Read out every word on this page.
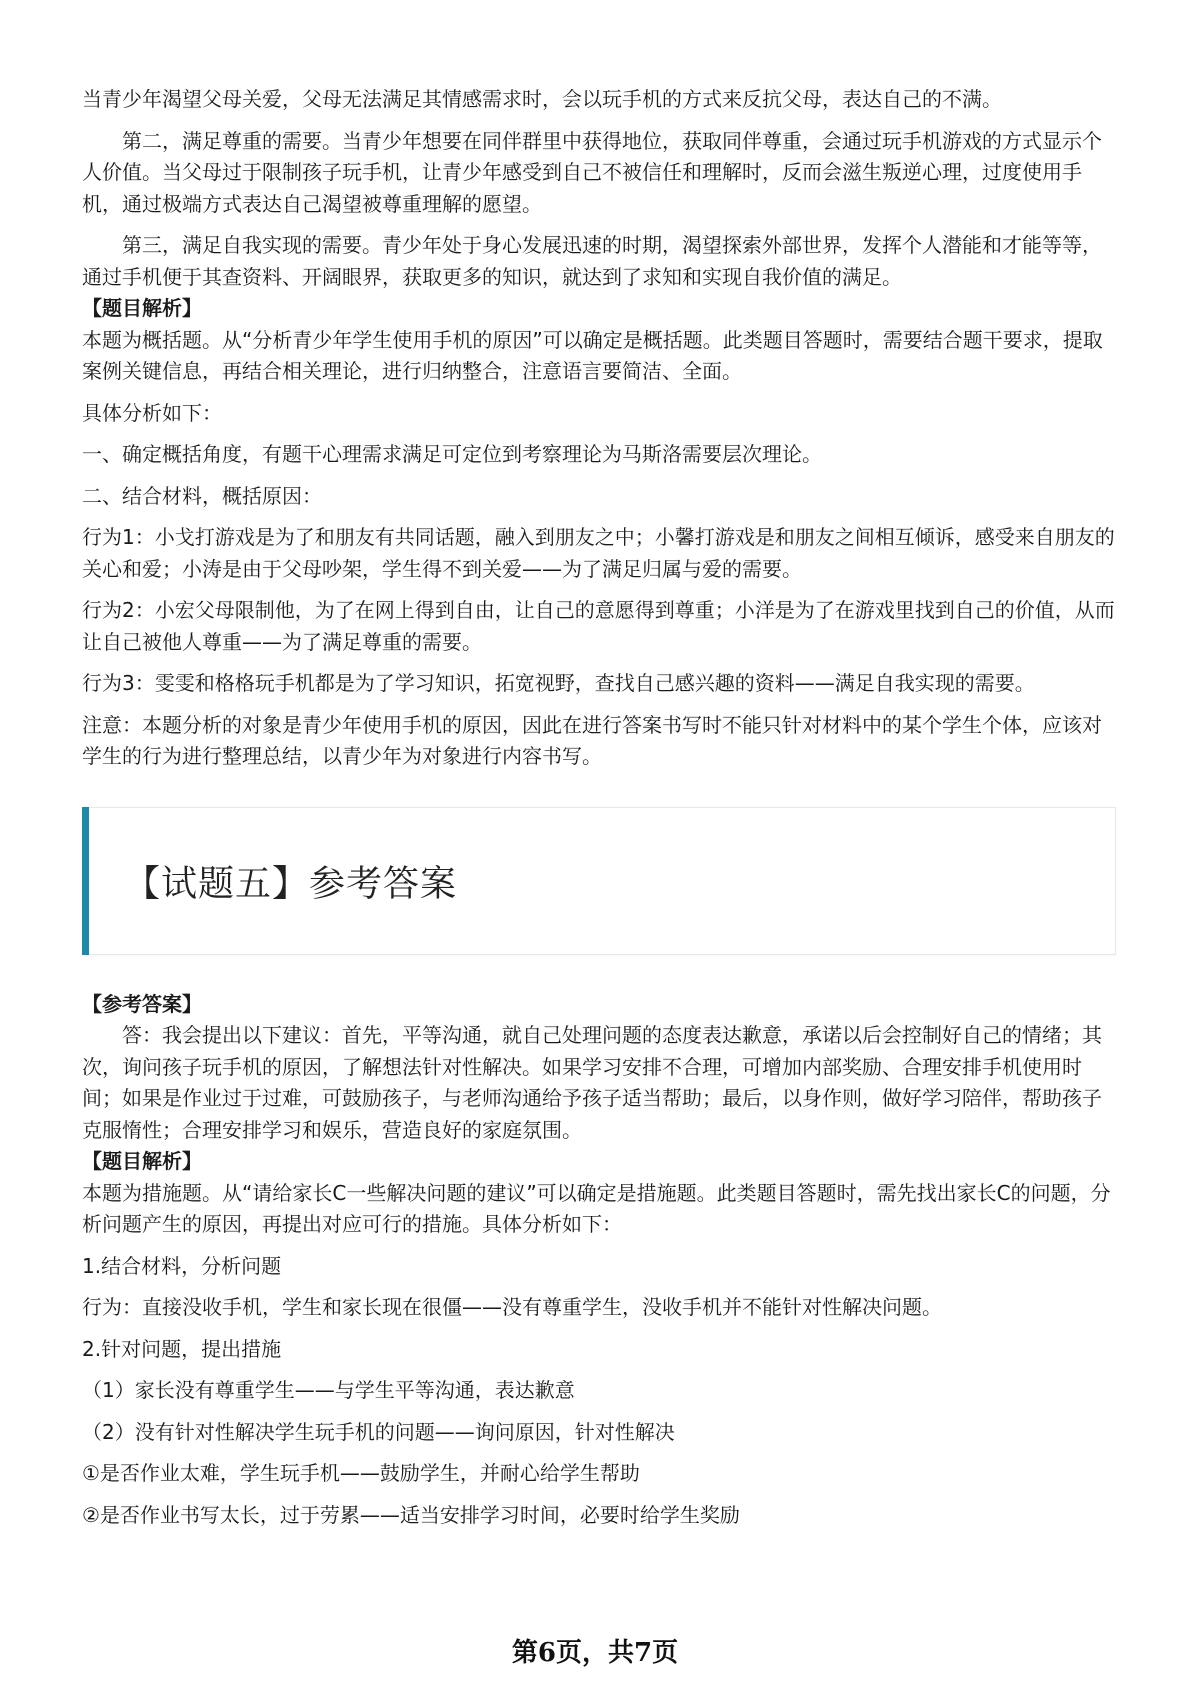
当青少年渴望父母关爱，父母无法满足其情感需求时，会以玩手机的方式来反抗父母，表达自己的不满。

第二，满足尊重的需要。当青少年想要在同伴群里中获得地位，获取同伴尊重，会通过玩手机游戏的方式显示个人价值。当父母过于限制孩子玩手机，让青少年感受到自己不被信任和理解时，反而会滋生叛逆心理，过度使用手机，通过极端方式表达自己渴望被尊重理解的愿望。

第三，满足自我实现的需要。青少年处于身心发展迅速的时期，渴望探索外部世界，发挥个人潜能和才能等等，通过手机便于其查资料、开阔眼界，获取更多的知识，就达到了求知和实现自我价值的满足。

【题目解析】

本题为概括题。从“分析青少年学生使用手机的原因”可以确定是概括题。此类题目答题时，需要结合题干要求，提取案例关键信息，再结合相关理论，进行归纳整合，注意语言要简洁、全面。

具体分析如下：

一、确定概括角度，有题干心理需求满足可定位到考察理论为马斯洛需要层次理论。

二、结合材料，概括原因：

行为1：小戈打游戏是为了和朋友有共同话题，融入到朋友之中；小馨打游戏是和朋友之间相互倾诉，感受来自朋友的关心和爱；小涛是由于父母吵架，学生得不到关爱——为了满足归属与爱的需要。

行为2：小宏父母限制他，为了在网上得到自由，让自己的意愿得到尊重；小洋是为了在游戏里找到自己的价值，从而让自己被他人尊重——为了满足尊重的需要。

行为3：雯雯和格格玩手机都是为了学习知识，拓宽视野，查找自己感兴趣的资料——满足自我实现的需要。

注意：本题分析的对象是青少年使用手机的原因，因此在进行答案书写时不能只针对材料中的某个学生个体，应该对学生的行为进行整理总结，以青少年为对象进行内容书写。

【试题五】参考答案
【参考答案】

答：我会提出以下建议：首先，平等沟通，就自己处理问题的态度表达歉意，承诺以后会控制好自己的情绪；其次，询问孩子玩手机的原因，了解想法针对性解决。如果学习安排不合理，可增加内部奖励、合理安排手机使用时间；如果是作业过于过难，可鼓励孩子，与老师沟通给予孩子适当帮助；最后，以身作则，做好学习陪伴，帮助孩子克服惰性；合理安排学习和娱乐，营造良好的家庭氛围。

【题目解析】

本题为措施题。从“请给家长C一些解决问题的建议”可以确定是措施题。此类题目答题时，需先找出家长C的问题，分析问题产生的原因，再提出对应可行的措施。具体分析如下：

1.结合材料，分析问题

行为：直接没收手机，学生和家长现在很僵——没有尊重学生，没收手机并不能针对性解决问题。

2.针对问题，提出措施

（1）家长没有尊重学生——与学生平等沟通，表达歉意

（2）没有针对性解决学生玩手机的问题——询问原因，针对性解决

①是否作业太难，学生玩手机——鼓励学生，并耐心给学生帮助

②是否作业书写太长，过于劳累——适当安排学习时间，必要时给学生奖励

第6页，共7页
